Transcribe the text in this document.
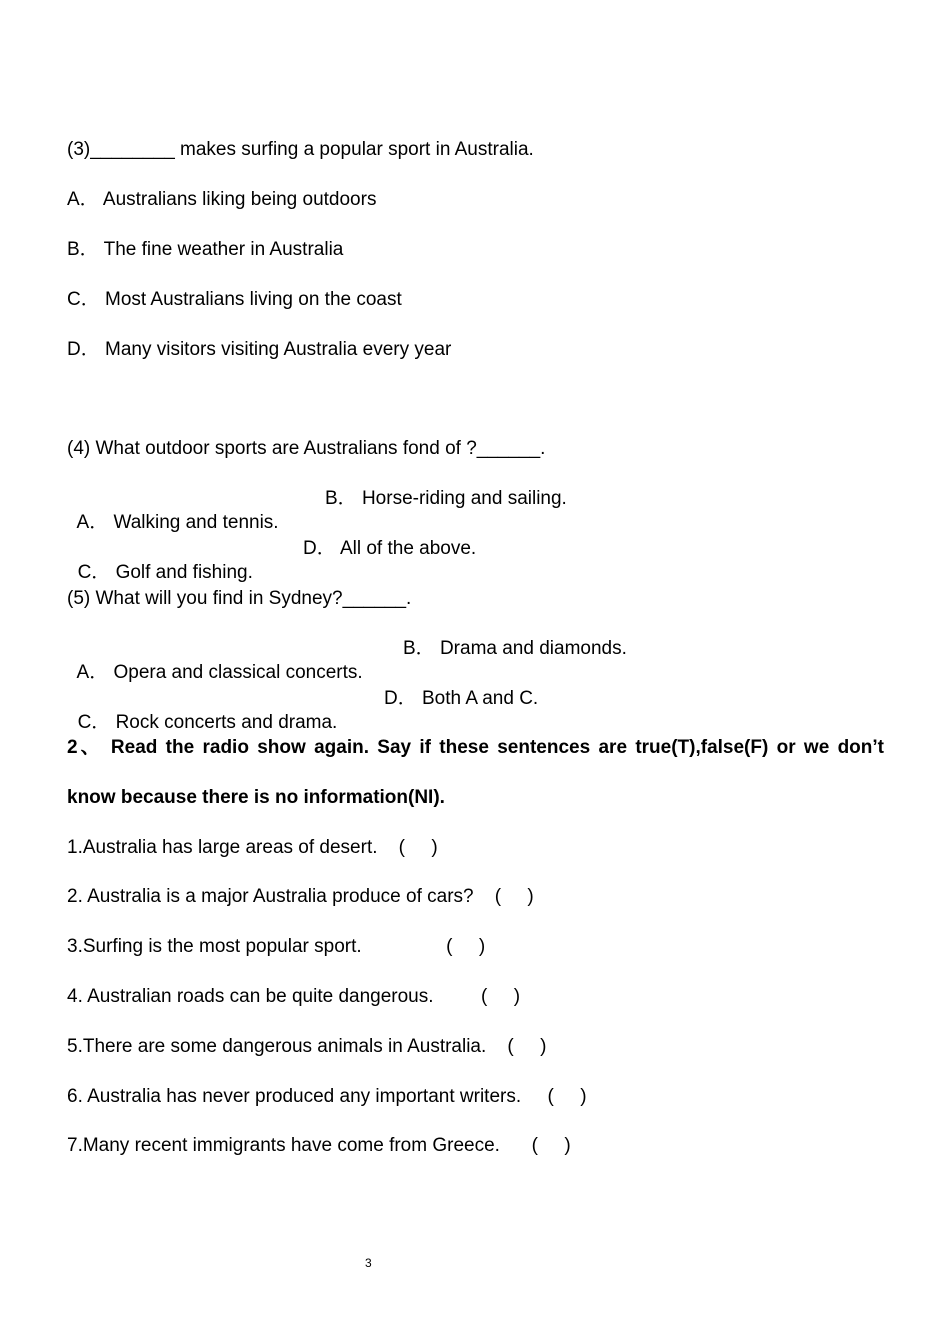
(3)________ makes surfing a popular sport in Australia.
A． Australians liking being outdoors
B． The fine weather in Australia
C． Most Australians living on the coast
D． Many visitors visiting Australia every year
(4) What outdoor sports are Australians fond of ?______.

A． Walking and tennis.

B． Horse-riding and sailing.

C． Golf and fishing.

D． All of the above.

(5) What will you find in Sydney?______.

A． Opera and classical concerts.

B． Drama and diamonds.

C． Rock concerts and drama.

D． Both A and C.

2、 Read the radio show again. Say if these sentences are true(T),false(F) or we don’t
know because there is no information(NI).
1.Australia has large areas of desert.    (     )
2. Australia is a major Australia produce of cars?    (     )
3.Surfing is the most popular sport.                (     )
4. Australian roads can be quite dangerous.         (     )
5.There are some dangerous animals in Australia.    (     )
6. Australia has never produced any important writers.     (     )
7.Many recent immigrants have come from Greece.      (     )
3
